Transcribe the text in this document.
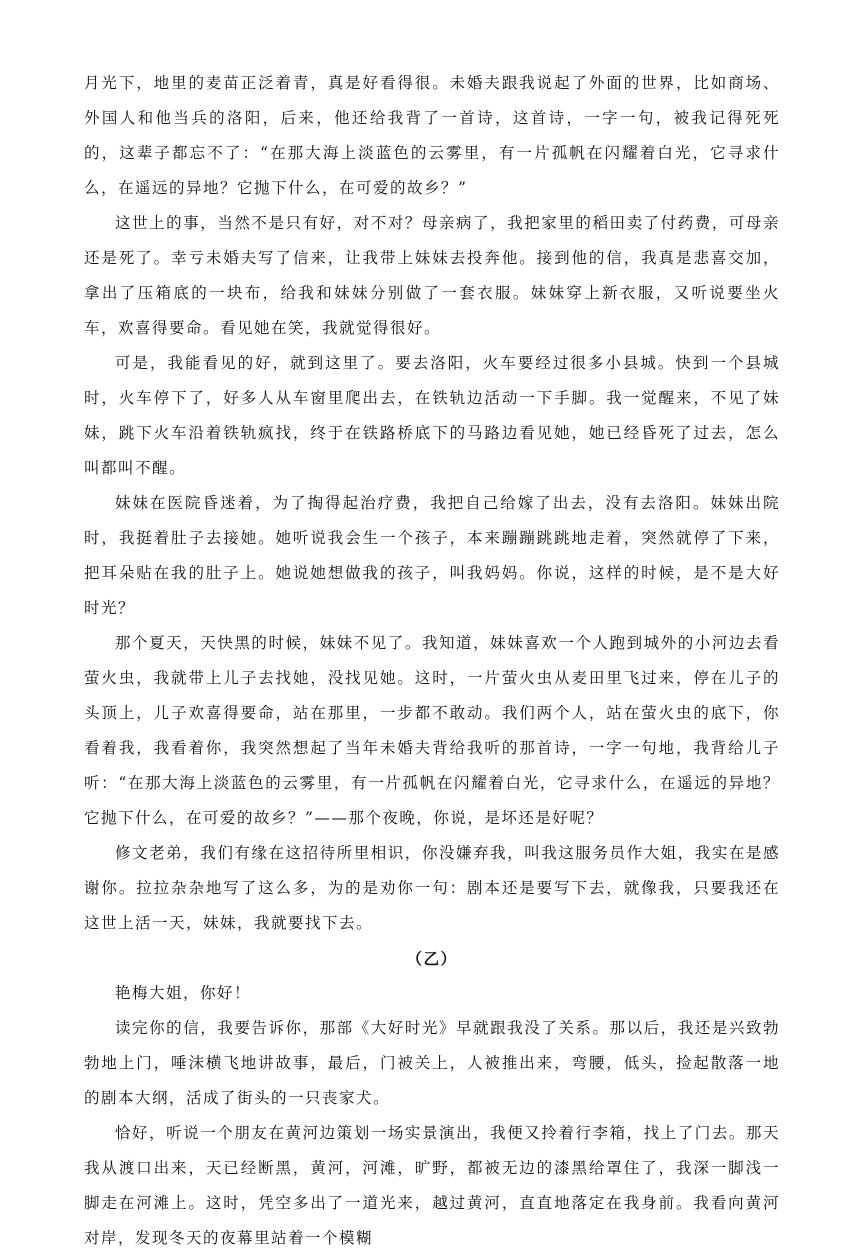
月光下，地里的麦苗正泛着青，真是好看得很。未婚夫跟我说起了外面的世界，比如商场、外国人和他当兵的洛阳，后来，他还给我背了一首诗，这首诗，一字一句，被我记得死死的，这辈子都忘不了：“在那大海上淡蓝色的云雾里，有一片孤帆在闪耀着白光，它寻求什么，在遥远的异地？它抛下什么，在可爱的故乡？”

这世上的事，当然不是只有好，对不对？母亲病了，我把家里的稻田卖了付药费，可母亲还是死了。幸亏未婚夫写了信来，让我带上妹妹去投奔他。接到他的信，我真是悲喜交加，拿出了压箱底的一块布，给我和妹妹分别做了一套衣服。妹妹穿上新衣服，又听说要坐火车，欢喜得要命。看见她在笑，我就觉得很好。

可是，我能看见的好，就到这里了。要去洛阳，火车要经过很多小县城。快到一个县城时，火车停下了，好多人从车窗里爬出去，在铁轨边活动一下手脚。我一觉醒来，不见了妹妹，跳下火车沿着铁轨疯找，终于在铁路桥底下的马路边看见她，她已经昏死了过去，怎么叫都叫不醒。

妹妹在医院昏迷着，为了掏得起治疗费，我把自己给嫁了出去，没有去洛阳。妹妹出院时，我挺着肚子去接她。她听说我会生一个孩子，本来蹦蹦跳跳地走着，突然就停了下来，把耳朵贴在我的肚子上。她说她想做我的孩子，叫我妈妈。你说，这样的时候，是不是大好时光？

那个夏天，天快黑的时候，妹妹不见了。我知道，妹妹喜欢一个人跑到城外的小河边去看萤火虫，我就带上儿子去找她，没找见她。这时，一片萤火虫从麦田里飞过来，停在儿子的头顶上，儿子欢喜得要命，站在那里，一步都不敢动。我们两个人，站在萤火虫的底下，你看着我，我看着你，我突然想起了当年未婚夫背给我听的那首诗，一字一句地，我背给儿子听：“在那大海上淡蓝色的云雾里，有一片孤帆在闪耀着白光，它寻求什么，在遥远的异地？它抛下什么，在可爱的故乡？”——那个夜晚，你说，是坏还是好呢？

修文老弟，我们有缘在这招待所里相识，你没嫌弃我，叫我这服务员作大姐，我实在是感谢你。拉拉杂杂地写了这么多，为的是劝你一句：剧本还是要写下去，就像我，只要我还在这世上活一天，妹妹，我就要找下去。

（乙）

艳梅大姐，你好！

读完你的信，我要告诉你，那部《大好时光》早就跟我没了关系。那以后，我还是兴致勃勃地上门，唾沫横飞地讲故事，最后，门被关上，人被推出来，弯腰，低头，捡起散落一地的剧本大纲，活成了街头的一只丧家犬。

恰好，听说一个朋友在黄河边策划一场实景演出，我便又拎着行李箱，找上了门去。那天我从渡口出来，天已经断黑，黄河，河滩，旷野，都被无边的漆黑给罩住了，我深一脚浅一脚走在河滩上。这时，凭空多出了一道光来，越过黄河，直直地落定在我身前。我看向黄河对岸，发现冬天的夜幕里站着一个模糊
